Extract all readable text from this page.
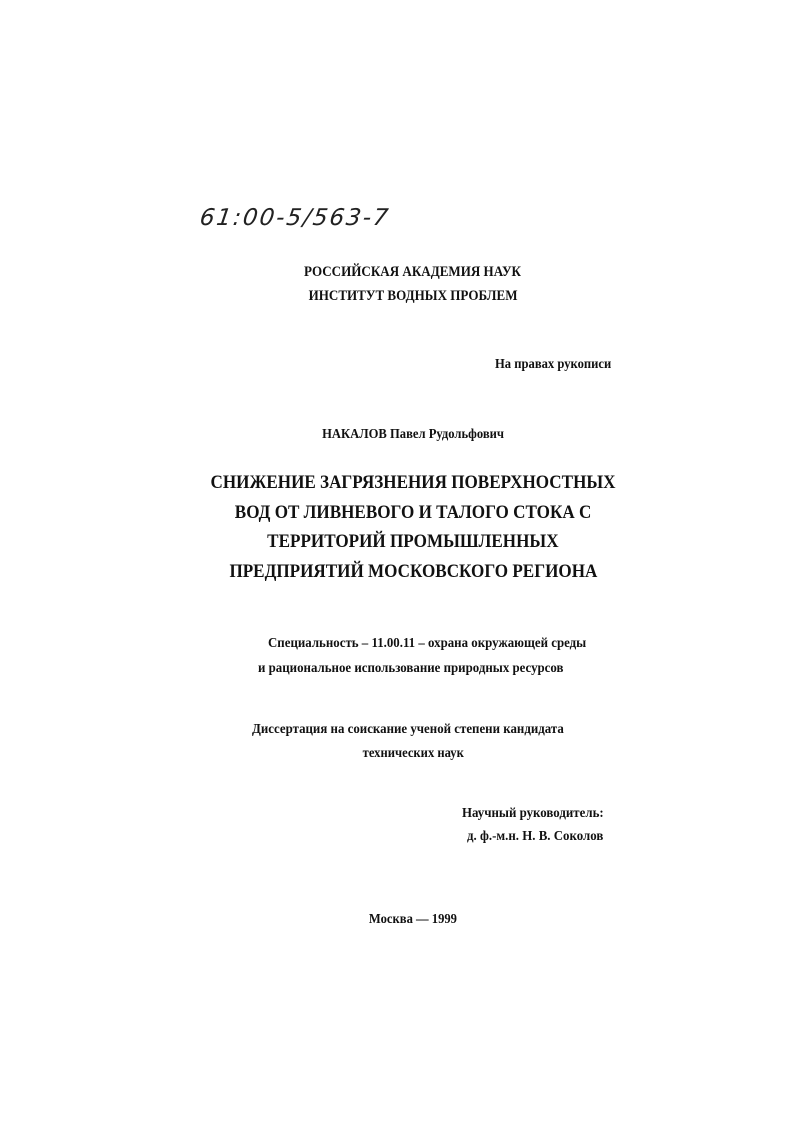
61:00-5/563-7
РОССИЙСКАЯ АКАДЕМИЯ НАУК
ИНСТИТУТ ВОДНЫХ ПРОБЛЕМ
На правах рукописи
НАКАЛОВ Павел Рудольфович
СНИЖЕНИЕ ЗАГРЯЗНЕНИЯ ПОВЕРХНОСТНЫХ
ВОД ОТ ЛИВНЕВОГО И ТАЛОГО СТОКА С
ТЕРРИТОРИЙ ПРОМЫШЛЕННЫХ
ПРЕДПРИЯТИЙ МОСКОВСКОГО РЕГИОНА
Специальность – 11.00.11 – охрана окружающей среды
и рациональное использование природных ресурсов
Диссертация на соискание ученой степени кандидата
технических наук
Научный руководитель:
д. ф.-м.н. Н. В. Соколов
Москва — 1999
